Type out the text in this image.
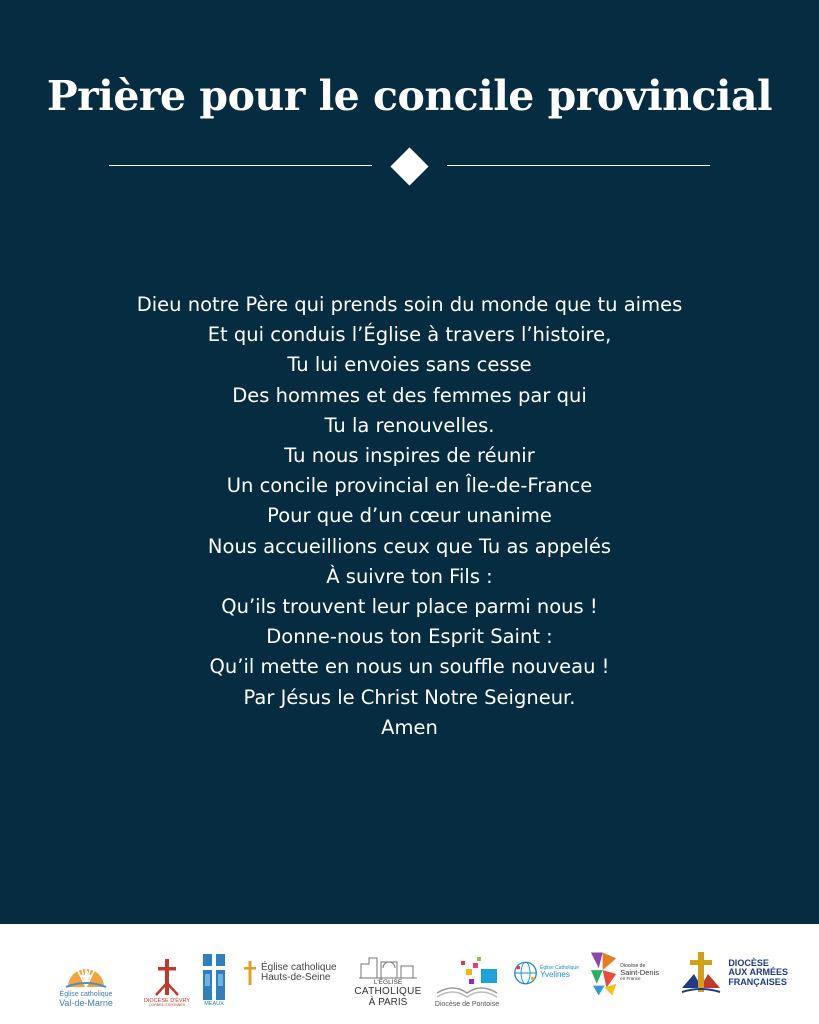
Prière pour le concile provincial
Dieu notre Père qui prends soin du monde que tu aimes
Et qui conduis l’Église à travers l’histoire,
Tu lui envoies sans cesse
Des hommes et des femmes par qui
Tu la renouvelles.
Tu nous inspires de réunir
Un concile provincial en Île-de-France
Pour que d’un cœur unanime
Nous accueillions ceux que Tu as appelés
À suivre ton Fils :
Qu’ils trouvent leur place parmi nous !
Donne-nous ton Esprit Saint :
Qu’il mette en nous un souffle nouveau !
Par Jésus le Christ Notre Seigneur.
Amen
Église catholique
Val-de-Marne	DIOCÈSE D'ÉVRY
CORBEIL-ESSONNES	MEAUX
Église catholique
Hauts-de-Seine	L'ÉGLISE
CATHOLIQUE
À PARIS	Diocèse de Pontoise
Église Catholique
Yvelines
Diocèse de
Saint-Denis
en France
DIOCÈSE
AUX ARMÉES
FRANÇAISES
